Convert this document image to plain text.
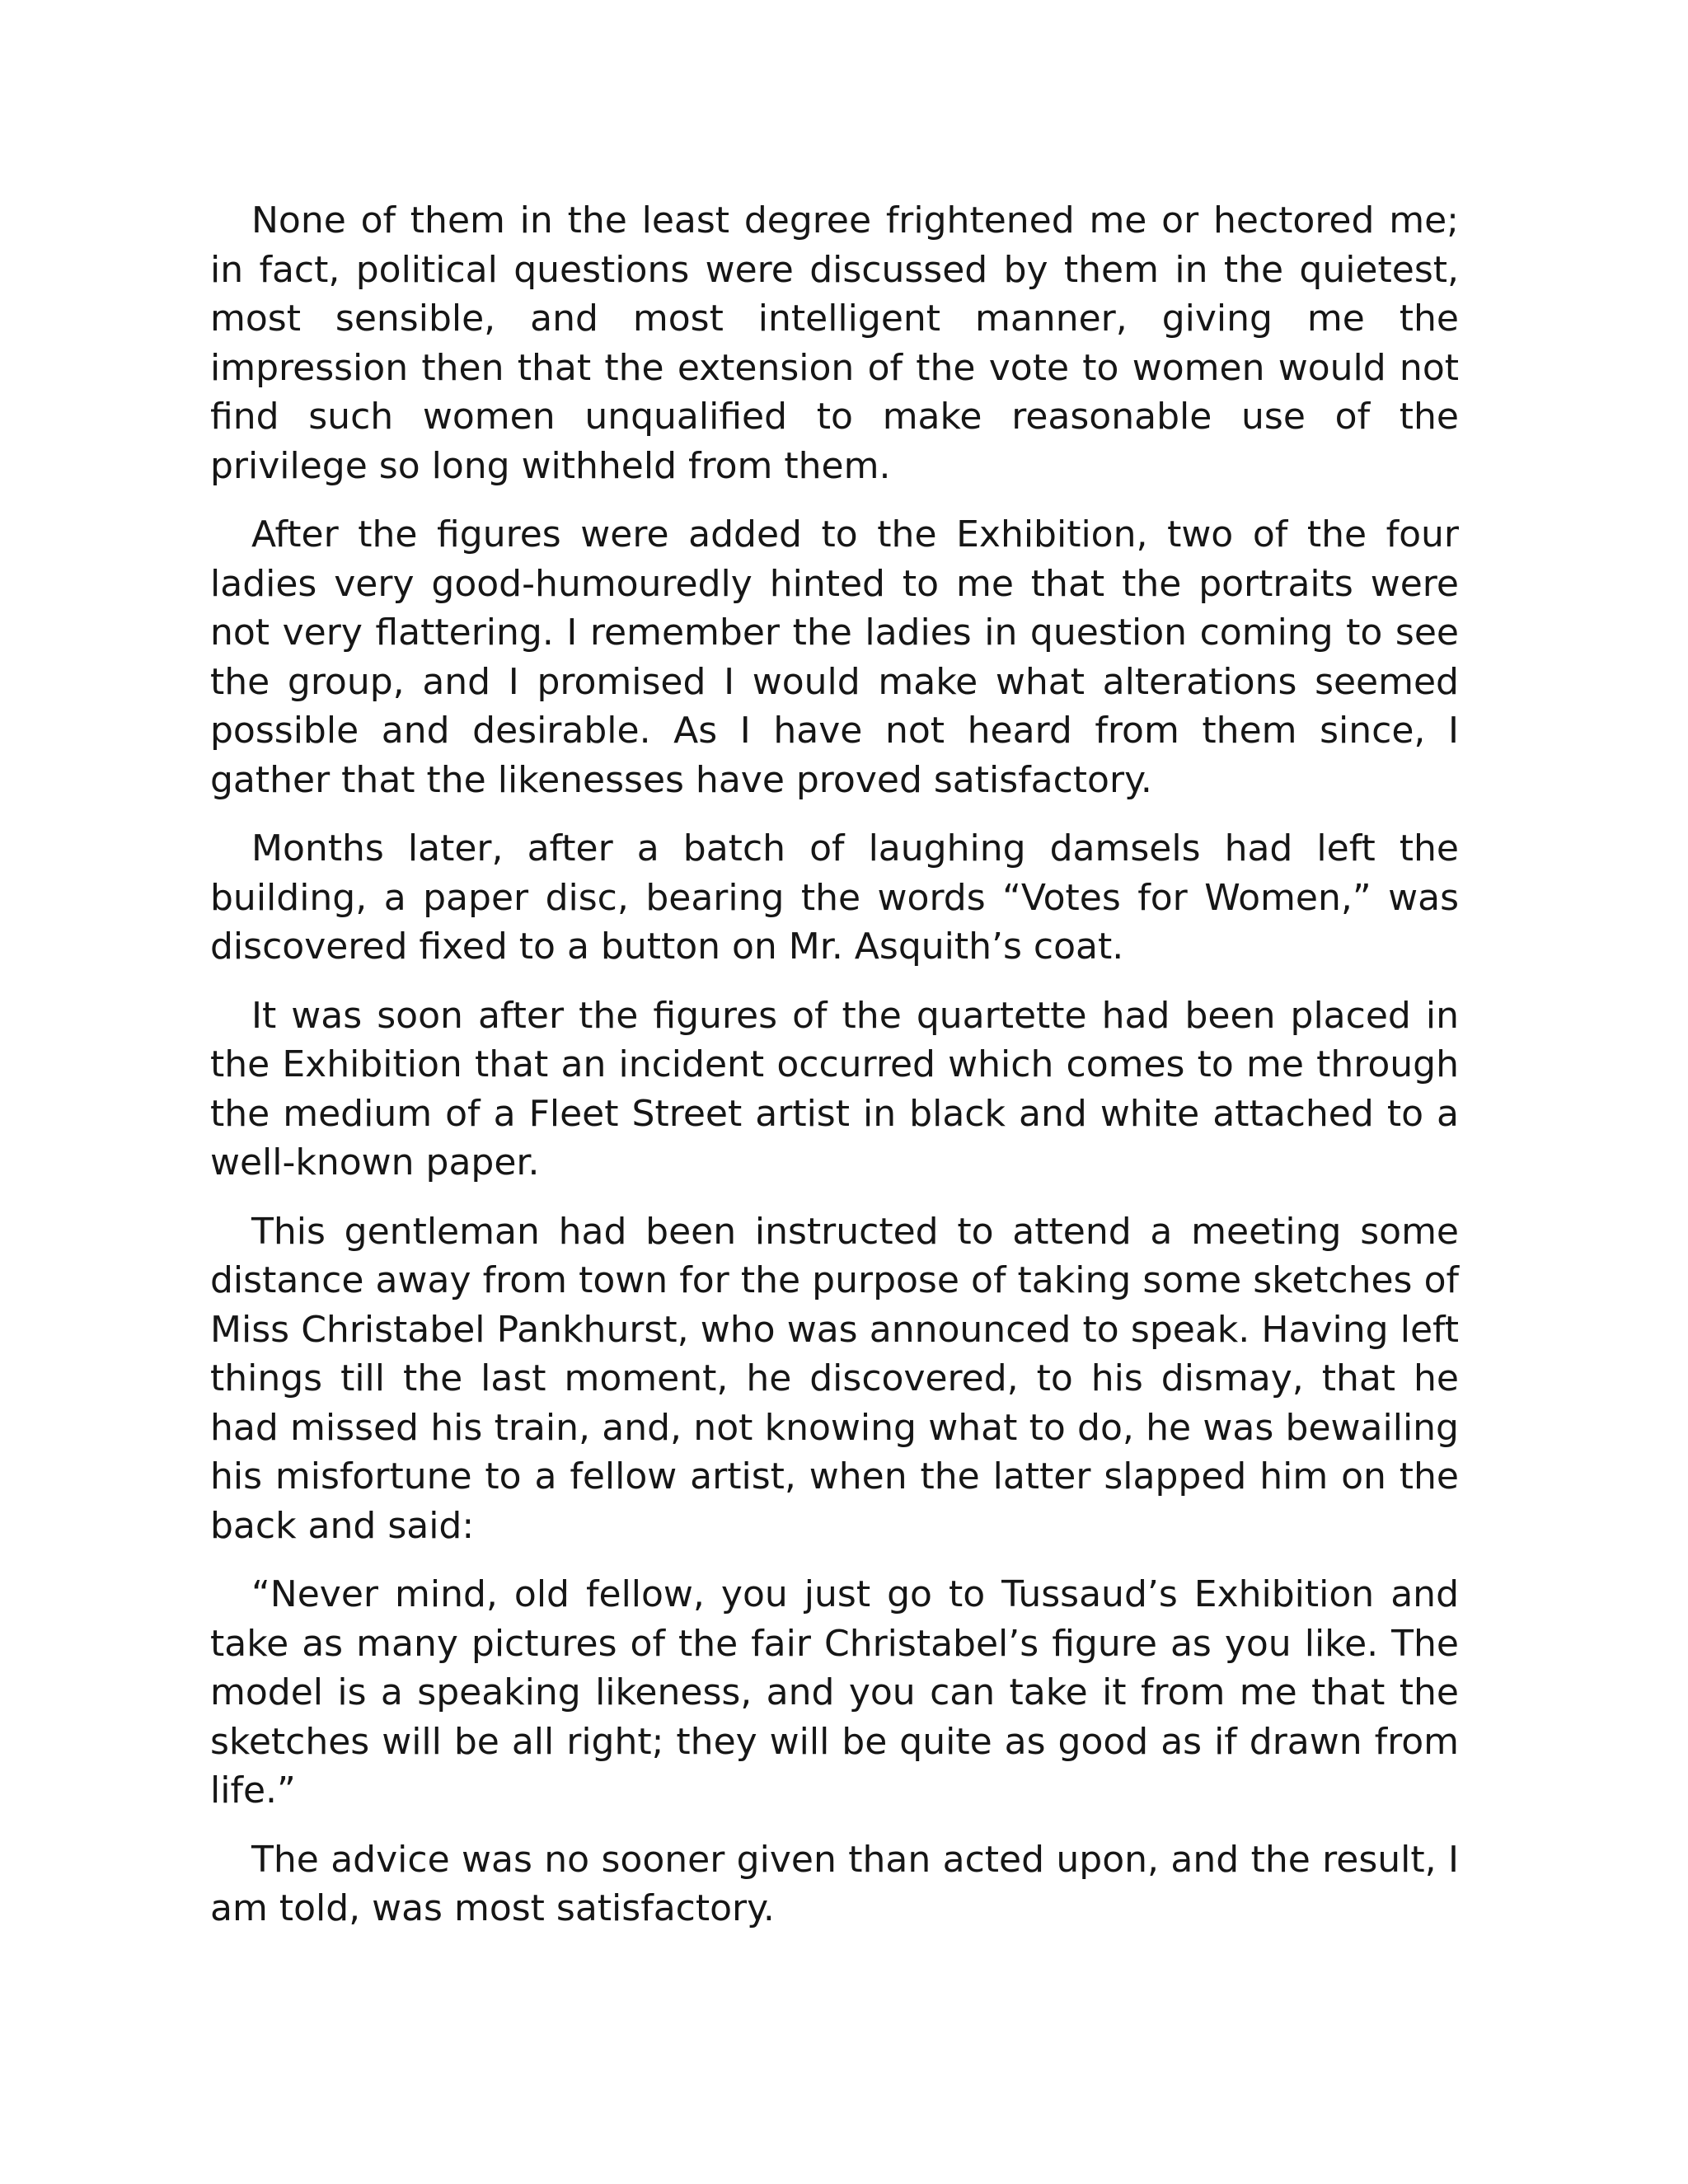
None of them in the least degree frightened me or hectored me; in fact, political questions were discussed by them in the quietest, most sensible, and most intelligent manner, giving me the impression then that the extension of the vote to women would not find such women unqualified to make reasonable use of the privilege so long withheld from them.

After the figures were added to the Exhibition, two of the four ladies very good-humouredly hinted to me that the portraits were not very flattering. I remember the ladies in question coming to see the group, and I promised I would make what alterations seemed possible and desirable. As I have not heard from them since, I gather that the likenesses have proved satisfactory.

Months later, after a batch of laughing damsels had left the building, a paper disc, bearing the words “Votes for Women,” was discovered fixed to a button on Mr. Asquith’s coat.

It was soon after the figures of the quartette had been placed in the Exhibition that an incident occurred which comes to me through the medium of a Fleet Street artist in black and white attached to a well-known paper.

This gentleman had been instructed to attend a meeting some distance away from town for the purpose of taking some sketches of Miss Christabel Pankhurst, who was announced to speak. Having left things till the last moment, he discovered, to his dismay, that he had missed his train, and, not knowing what to do, he was bewailing his misfortune to a fellow artist, when the latter slapped him on the back and said:

“Never mind, old fellow, you just go to Tussaud’s Exhibition and take as many pictures of the fair Christabel’s figure as you like. The model is a speaking likeness, and you can take it from me that the sketches will be all right; they will be quite as good as if drawn from life.”

The advice was no sooner given than acted upon, and the result, I am told, was most satisfactory.
